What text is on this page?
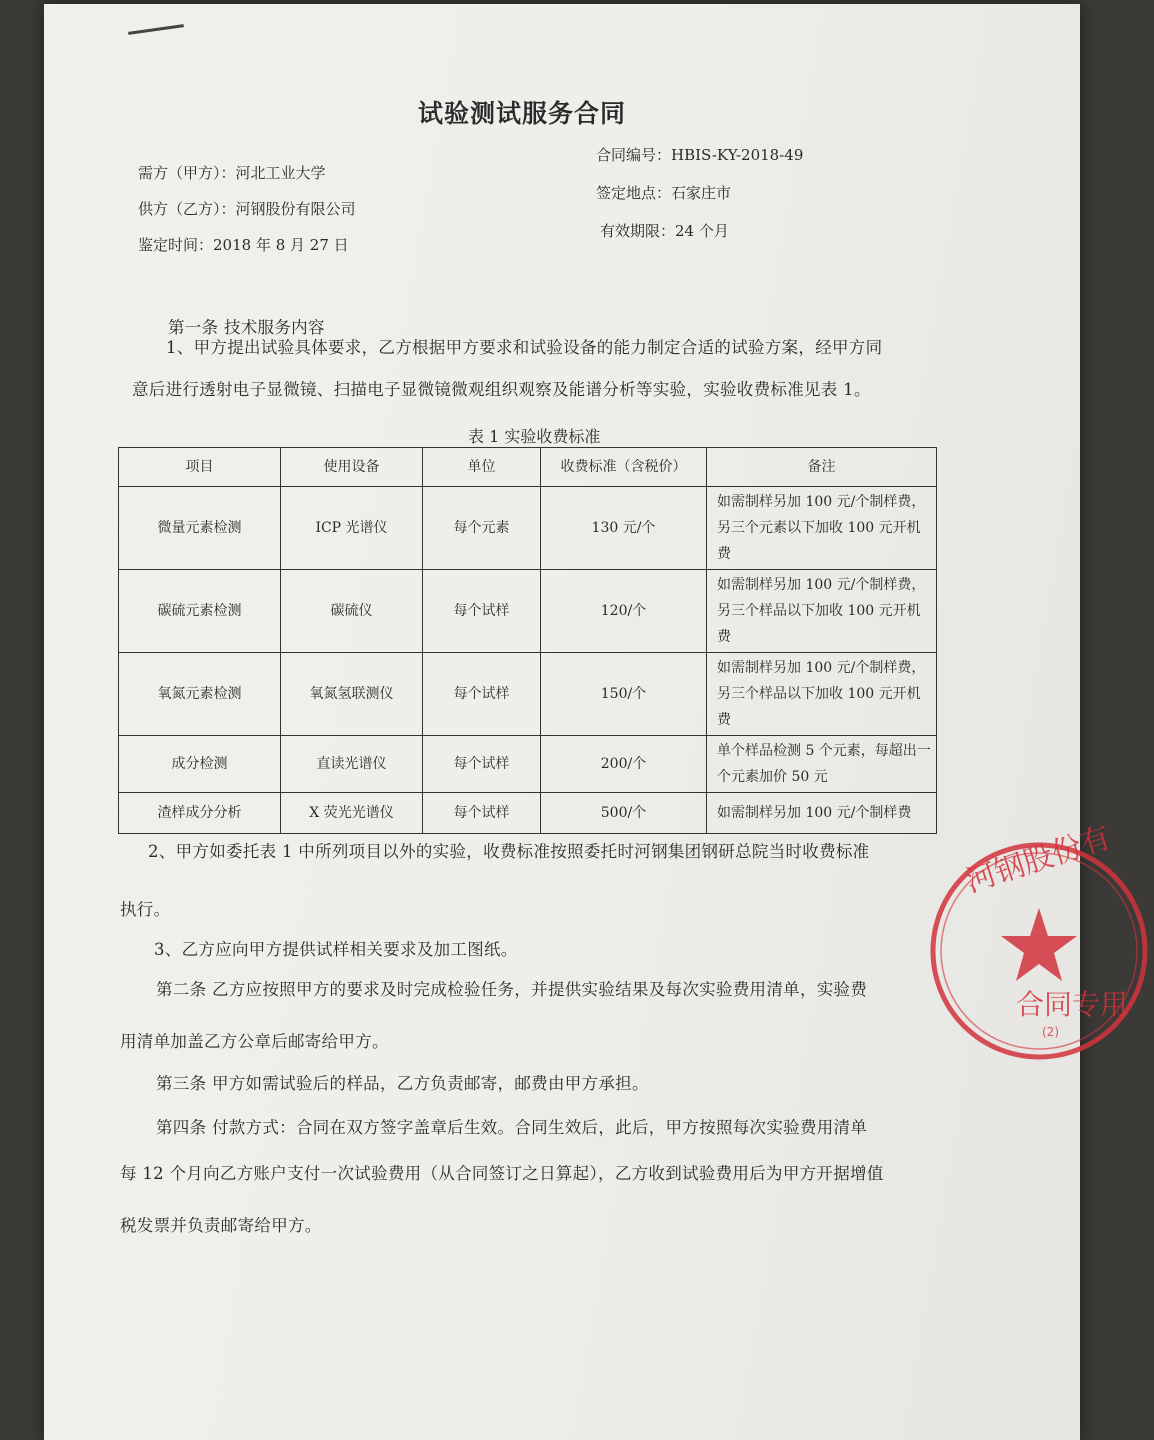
试验测试服务合同
需方（甲方）：河北工业大学
供方（乙方）：河钢股份有限公司
鉴定时间：2018 年 8 月 27 日
合同编号：HBIS-KY-2018-49
签定地点：石家庄市
有效期限：24 个月
第一条 技术服务内容
1、甲方提出试验具体要求，乙方根据甲方要求和试验设备的能力制定合适的试验方案，经甲方同
意后进行透射电子显微镜、扫描电子显微镜微观组织观察及能谱分析等实验，实验收费标准见表 1。
表 1 实验收费标准
项目	使用设备	单位	收费标准（含税价）	备注
微量元素检测	ICP 光谱仪	每个元素	130 元/个	如需制样另加 100 元/个制样费，另三个元素以下加收 100 元开机费
碳硫元素检测	碳硫仪	每个试样	120/个	如需制样另加 100 元/个制样费，另三个样品以下加收 100 元开机费
氧氮元素检测	氧氮氢联测仪	每个试样	150/个	如需制样另加 100 元/个制样费，另三个样品以下加收 100 元开机费
成分检测	直读光谱仪	每个试样	200/个	单个样品检测 5 个元素，每超出一个元素加价 50 元
渣样成分分析	X 荧光光谱仪	每个试样	500/个	如需制样另加 100 元/个制样费
2、甲方如委托表 1 中所列项目以外的实验，收费标准按照委托时河钢集团钢研总院当时收费标准
执行。
3、乙方应向甲方提供试样相关要求及加工图纸。
第二条 乙方应按照甲方的要求及时完成检验任务，并提供实验结果及每次实验费用清单，实验费
用清单加盖乙方公章后邮寄给甲方。
第三条 甲方如需试验后的样品，乙方负责邮寄，邮费由甲方承担。
第四条 付款方式：合同在双方签字盖章后生效。合同生效后，此后，甲方按照每次实验费用清单
每 12 个月向乙方账户支付一次试验费用（从合同签订之日算起），乙方收到试验费用后为甲方开据增值
税发票并负责邮寄给甲方。
河钢股份有
合同专用
(2)
